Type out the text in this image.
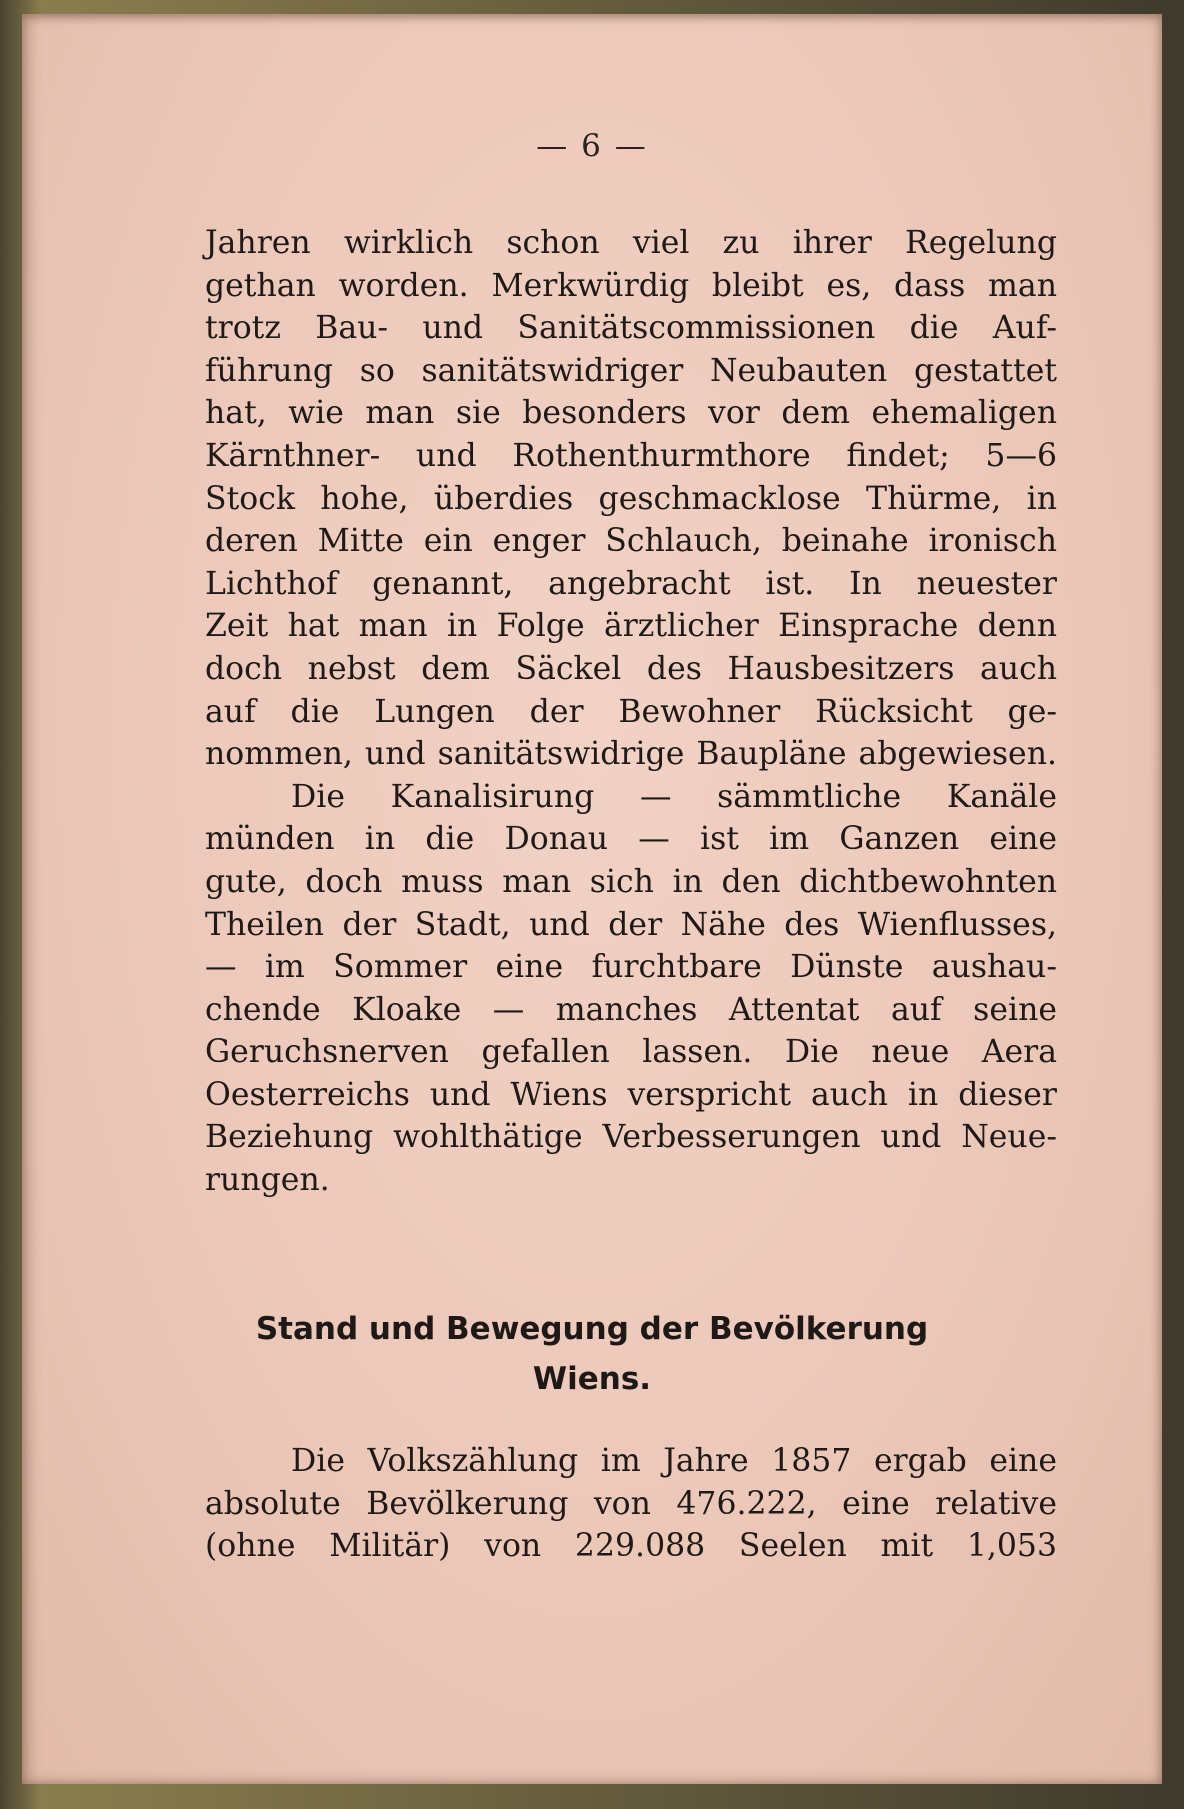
— 6 —
Jahren wirklich schon viel zu ihrer Regelung
gethan worden. Merkwürdig bleibt es, dass man
trotz Bau- und Sanitätscommissionen die Auf-
führung so sanitätswidriger Neubauten gestattet
hat, wie man sie besonders vor dem ehemaligen
Kärnthner- und Rothenthurmthore findet; 5—6
Stock hohe, überdies geschmacklose Thürme, in
deren Mitte ein enger Schlauch, beinahe ironisch
Lichthof genannt, angebracht ist. In neuester
Zeit hat man in Folge ärztlicher Einsprache denn
doch nebst dem Säckel des Hausbesitzers auch
auf die Lungen der Bewohner Rücksicht ge-
nommen, und sanitätswidrige Baupläne abgewiesen.
Die Kanalisirung — sämmtliche Kanäle
münden in die Donau — ist im Ganzen eine
gute, doch muss man sich in den dichtbewohnten
Theilen der Stadt, und der Nähe des Wienflusses,
— im Sommer eine furchtbare Dünste aushau-
chende Kloake — manches Attentat auf seine
Geruchsnerven gefallen lassen. Die neue Aera
Oesterreichs und Wiens verspricht auch in dieser
Beziehung wohlthätige Verbesserungen und Neue-
rungen.
Stand und Bewegung der Bevölkerung
Wiens.
Die Volkszählung im Jahre 1857 ergab eine
absolute Bevölkerung von 476.222, eine relative
(ohne Militär) von 229.088 Seelen mit 1,053
